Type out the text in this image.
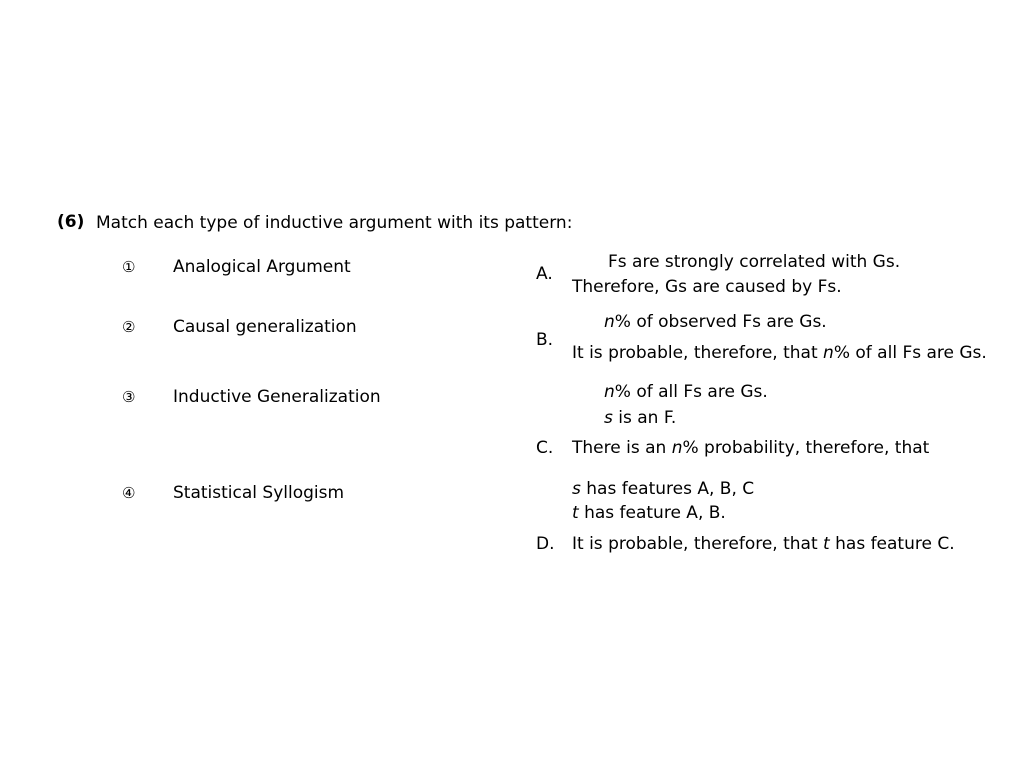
(6) Match each type of inductive argument with its pattern:
① Analogical Argument
② Causal generalization
③ Inductive Generalization
④ Statistical Syllogism
A.
Fs are strongly correlated with Gs.
Therefore, Gs are caused by Fs.
B.
n% of observed Fs are Gs.
It is probable, therefore, that n% of all Fs are Gs.
n% of all Fs are Gs.
s is an F.
C. There is an n% probability, therefore, that
s has features A, B, C
t has feature A, B.
D. It is probable, therefore, that t has feature C.
